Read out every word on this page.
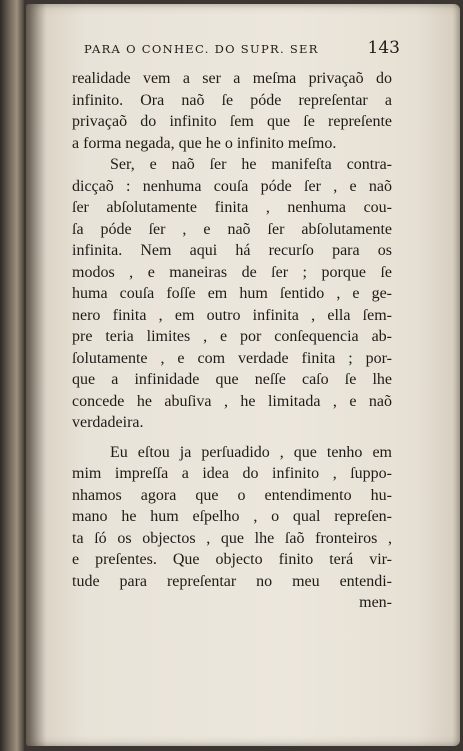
PARA O CONHEC. DO SUPR. SER	143
realidade vem a ser a meſma privaçaõ do
infinito. Ora naõ ſe póde repreſentar a
privaçaõ do infinito ſem que ſe repreſente
a forma negada, que he o infinito meſmo.
Ser, e naõ ſer he manifeſta contra-
dicçaõ : nenhuma couſa póde ſer , e naõ
ſer abſolutamente finita , nenhuma cou-
ſa póde ſer , e naõ ſer abſolutamente
infinita. Nem aqui há recurſo para os
modos , e maneiras de ſer ; porque ſe
huma couſa foſſe em hum ſentido , e ge-
nero finita , em outro infinita , ella ſem-
pre teria limites , e por conſequencia ab-
ſolutamente , e com verdade finita ; por-
que a infinidade que neſſe caſo ſe lhe
concede he abuſiva , he limitada , e naõ
verdadeira.
Eu eſtou ja perſuadido , que tenho em
mim impreſſa a idea do infinito , ſuppo-
nhamos agora que o entendimento hu-
mano he hum eſpelho , o qual repreſen-
ta ſó os objectos , que lhe ſaõ fronteiros ,
e preſentes. Que objecto finito terá vir-
tude para repreſentar no meu entendi-
men-
